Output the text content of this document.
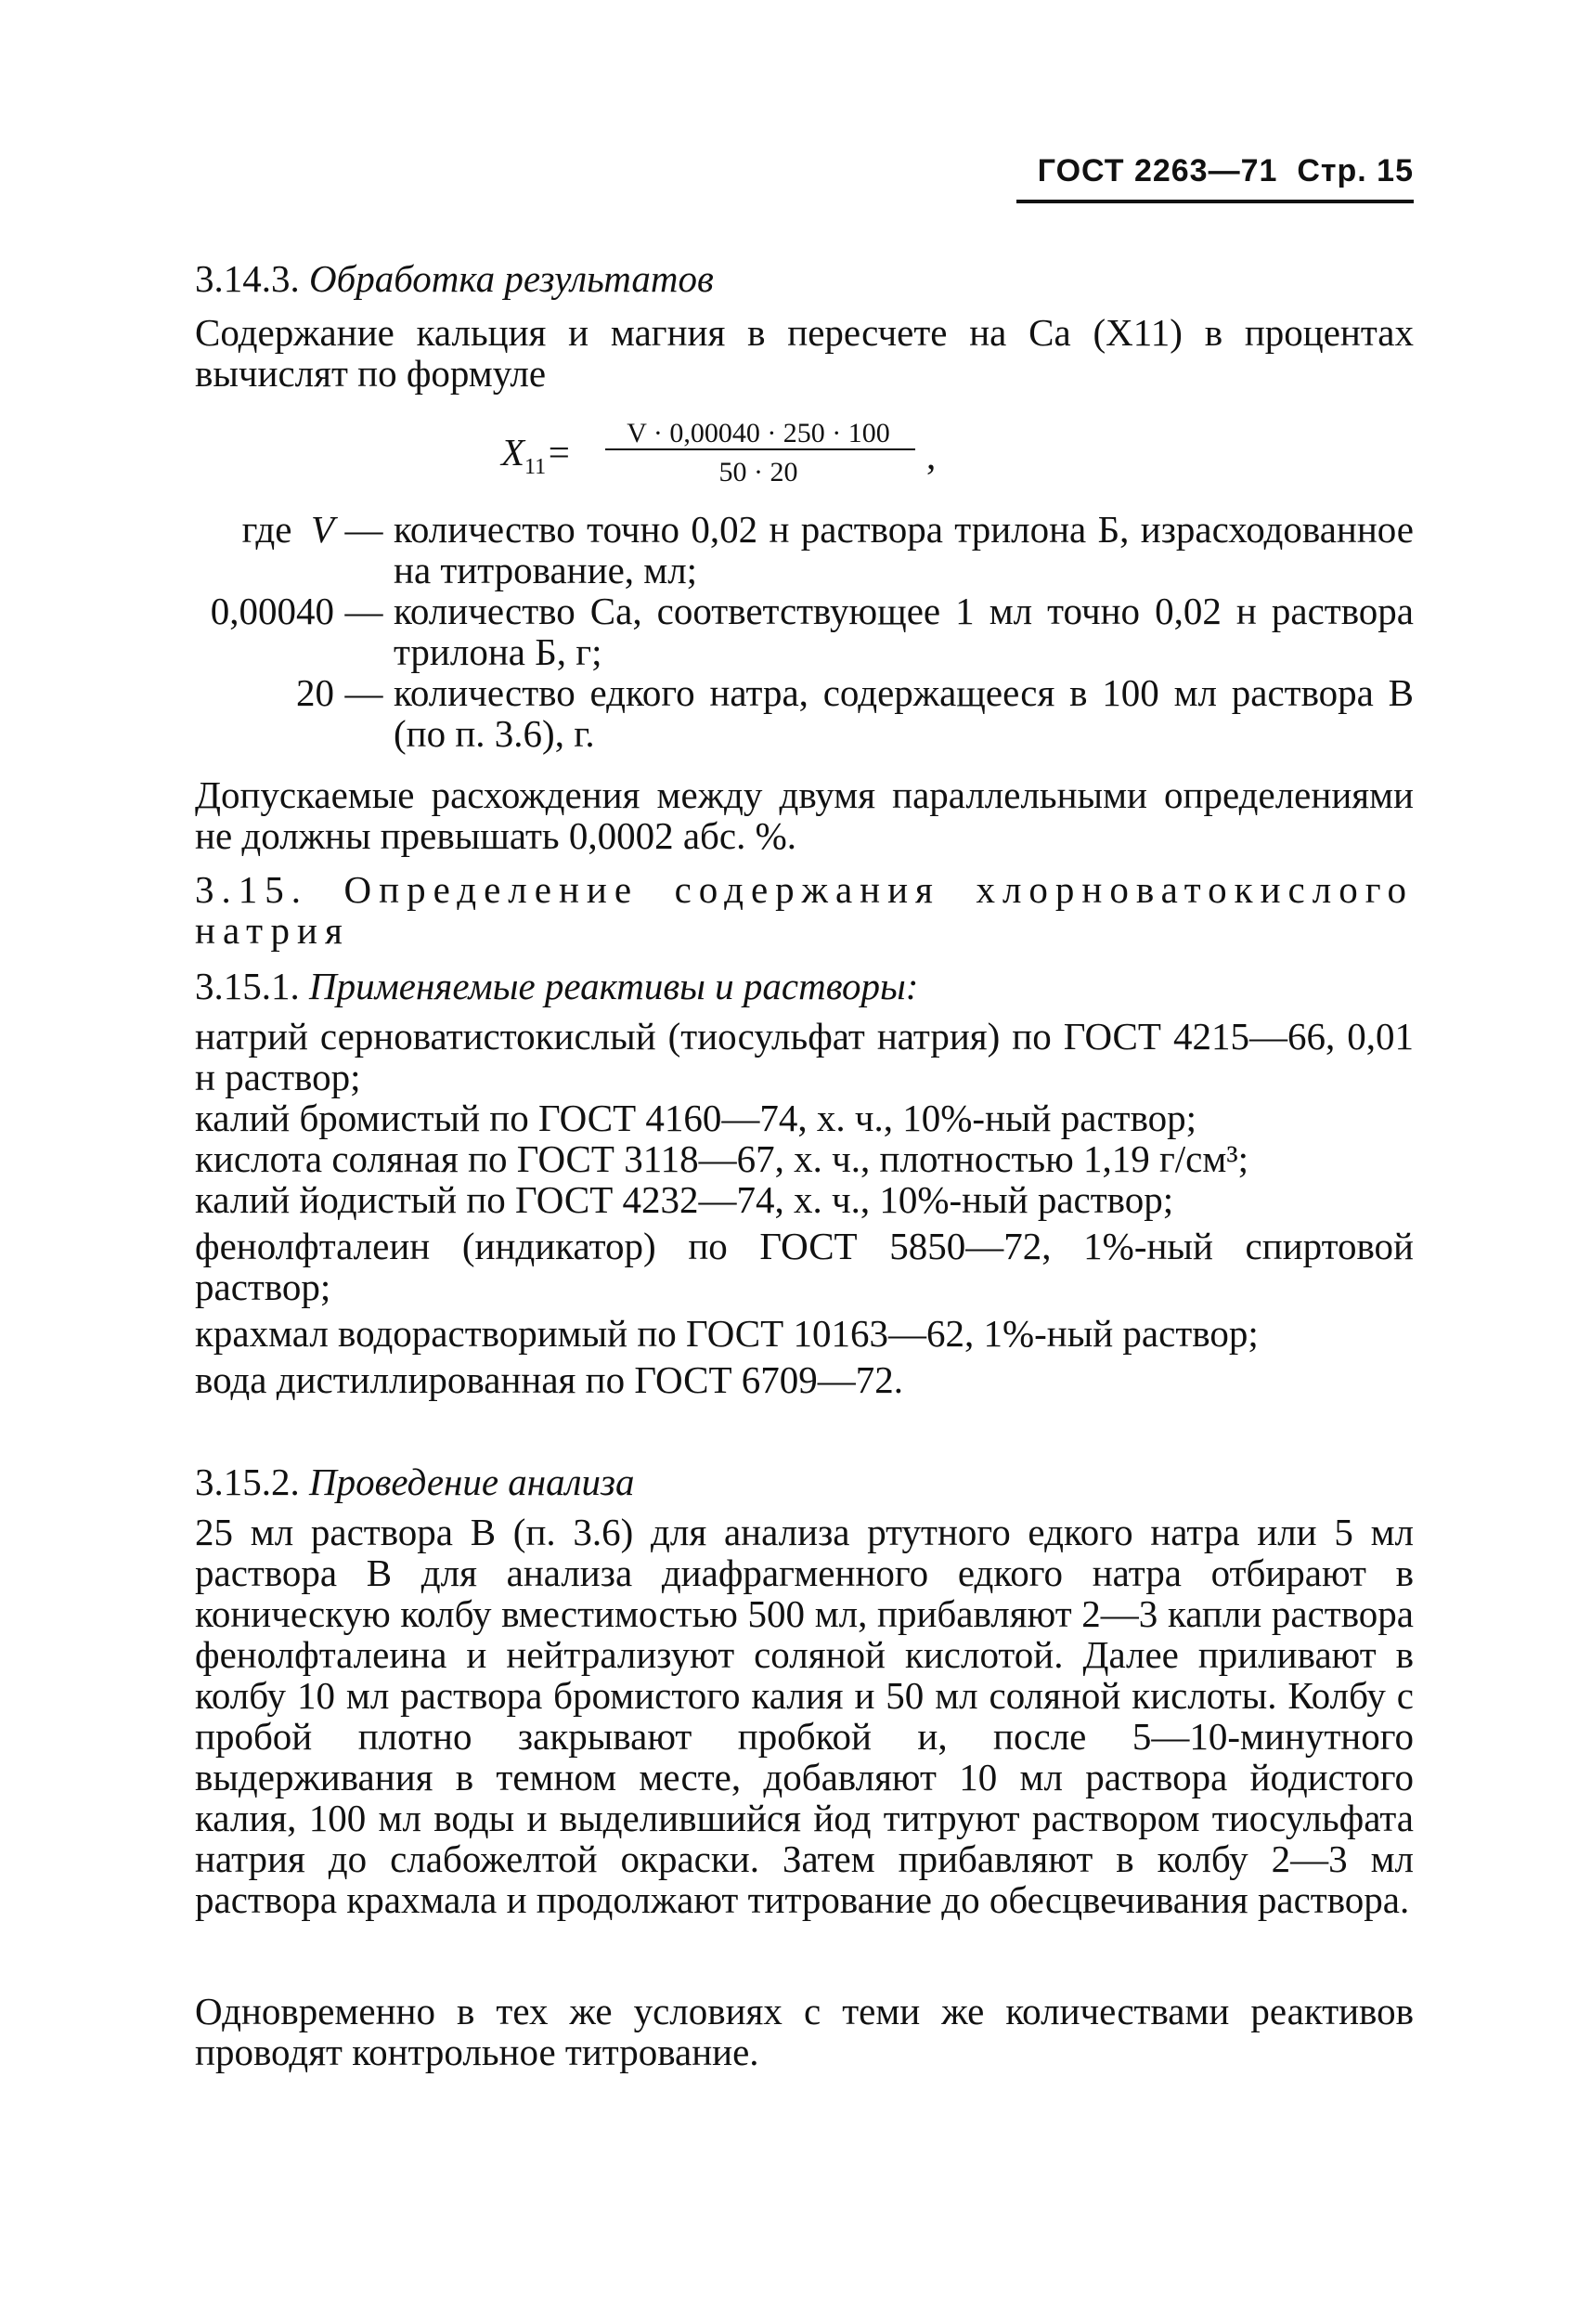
ГОСТ 2263—71 Стр. 15

3.14.3. Обработка результатов

Содержание кальция и магния в пересчете на Са (X11) в процентах вычислят по формуле

$X_{11}=$	V · 0,00040 · 250 · 100
50 · 20	,
где V — количество точно 0,02 н раствора трилона Б, израсходованное на титрование, мл;
0,00040 — количество Са, соответствующее 1 мл точно 0,02 н раствора трилона Б, г;
20 — количество едкого натра, содержащееся в 100 мл раствора В (по п. 3.6), г.

Допускаемые расхождения между двумя параллельными определениями не должны превышать 0,0002 абс. %.

3.15. Определение содержания хлорноватокислого натрия

3.15.1. Применяемые реактивы и растворы:

натрий серноватистокислый (тиосульфат натрия) по ГОСТ 4215—66, 0,01 н раствор;

калий бромистый по ГОСТ 4160—74, х. ч., 10%-ный раствор;

кислота соляная по ГОСТ 3118—67, х. ч., плотностью 1,19 г/см³;

калий йодистый по ГОСТ 4232—74, х. ч., 10%-ный раствор;

фенолфталеин (индикатор) по ГОСТ 5850—72, 1%-ный спиртовой раствор;

крахмал водорастворимый по ГОСТ 10163—62, 1%-ный раствор;

вода дистиллированная по ГОСТ 6709—72.

3.15.2. Проведение анализа

25 мл раствора В (п. 3.6) для анализа ртутного едкого натра или 5 мл раствора В для анализа диафрагменного едкого натра отбирают в коническую колбу вместимостью 500 мл, прибавляют 2—3 капли раствора фенолфталеина и нейтрализуют соляной кислотой. Далее приливают в колбу 10 мл раствора бромистого калия и 50 мл соляной кислоты. Колбу с пробой плотно закрывают пробкой и, после 5—10-минутного выдерживания в темном месте, добавляют 10 мл раствора йодистого калия, 100 мл воды и выделившийся йод титруют раствором тиосульфата натрия до слабожелтой окраски. Затем прибавляют в колбу 2—3 мл раствора крахмала и продолжают титрование до обесцвечивания раствора.

Одновременно в тех же условиях с теми же количествами реактивов проводят контрольное титрование.
